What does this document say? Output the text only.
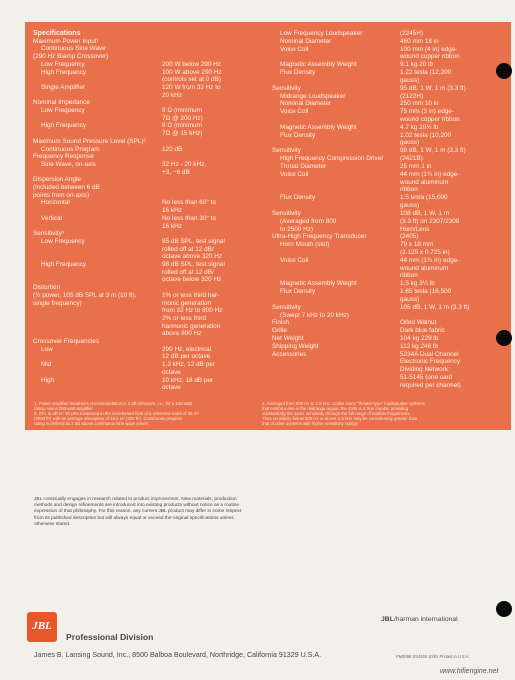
Specifications
Maximum Power Input¹
Continuous Sine Wave
(290 Hz Biamp Crossover)
Low Frequency	200 W below 290 Hz
High Frequency	100 W above 290 Hz
(controls set at 0 dB)
Single Amplifier	120 W from 32 Hz to
20 kHz
Nominal Impedance
Low Frequency	8 Ω (minimum
7Ω @ 200 Hz)
High Frequency	8 Ω (minimum
7Ω @ 15 kHz)
Maximum Sound Pressure Level (SPL)²
Continuous Program	120 dB
Frequency Response
Sine Wave, on-axis	32 Hz - 20 kHz,
+3, −6 dB
Dispersion Angle
(included between 6 dB
points from on-axis)
Horizontal	No less than 60° to
16 kHz
Vertical	No less than 30° to
16 kHz
Sensitivity³
Low Frequency	95 dB SPL, test signal
rolled off at 12 dB/
octave above 320 Hz
High Frequency	98 dB SPL, test signal
rolled off at 12 dB/
octave below 320 Hz
Distortion
(½ power, 105 dB SPL at 3 m (10 ft),	1% or less third har-
single frequency)	monic generation
from 32 Hz to 800 Hz
2% or less third
harmonic generation
above 800 Hz
Crossover Frequencies
Low	290 Hz, electrical
12 dB per octave
Mid	1.3 kHz, 12 dB per
octave
High	10 kHz, 18 dB per
octave
Low Frequency Loudspeaker	(2245H)
Nominal Diameter	460 mm 18 in
Voice Coil	100 mm (4 in) edge-
wound copper ribbon
Magnetic Assembly Weight	9.1 kg 20 lb
Flux Density	1.22 tesla (12,200
gauss)
Sensitivity	95 dB, 1 W, 1 m (3.3 ft)
Midrange Loudspeaker	(2122H)
Nominal Diameter	250 mm 10 in
Voice Coil	75 mm (3 in) edge-
wound copper ribbon
Magnetic Assembly Weight	4.7 kg 10½ lb
Flux Density	1.02 tesla (10,200
gauss)
Sensitivity	98 dB, 1 W, 1 m (3.3 ft)
High Frequency Compression Driver	(2421B)
Throat Diameter	25 mm 1 in
Voice Coil	44 mm (1¾ in) edge-
wound aluminum
ribbon
Flux Density	1.5 tesla (15,000
gauss)
Sensitivity	108 dB, 1 W, 1 m
(Averaged from 800	(3.3 ft) on 2307/2308
to 2500 Hz)	Horn/Lens
Ultra-High Frequency Transducer	(2405)
Horn Mouth (slot)	79 x 18 mm
(3.125 x 0.725 in)
Voice Coil	44 mm (1¾ in) edge-
wound aluminum
ribbon
Magnetic Assembly Weight	1.5 kg 3¼ lb
Flux Density	1.65 tesla (16,500
gauss)
Sensitivity	105 dB, 1 W, 1 m (3.3 ft)
(Swept 7 kHz to 20 kHz)
Finish	Oiled Walnut
Grille	Dark blue fabric
Net Weight	104 kg 229 lb
Shipping Weight	112 kg 246 lb
Accessories	5234A Dual Channel
Electronic Frequency
Dividing Network:
51-5145 (one card
required per channel)
1. Power amplifier headroom recommendation is 3 dB minimum, i.e., for a 100-watt
rating, use a 200-watt amplifier.
2. SPL in dB re: 20 μPa measured in the reverberant field of a reference room of 85 m³
(3000 ft³) with an average absorption of 18.6 m² (200 ft²). Continuous program
rating is defined as 3 dB above continuous sine wave power.
3. Averaged from 500 Hz to 2.5 kHz. Unlike many "theater-type" loudspeaker systems
that exhibit a rise in the midrange region, the 4345 is a true monitor providing
substantially the same sensitivity through the full range of audible frequencies.
Thus sensitivity below 500 Hz or above 2.5 kHz may be considerably greater than
that of other systems with higher sensitivity ratings.
JBL continually engages in research related to product improvement. New materials, production methods and design refinements are introduced into existing products without notice as a routine expression of that philosophy. For this reason, any current JBL product may differ in some respect from its published description but will always equal or exceed the original specifications unless otherwise stated.
JBL
Professional Division
James B. Lansing Sound, Inc., 8500 Balboa Boulevard, Northridge, California 91329 U.S.A.
JBL/harman international
PM0095 SS4345 10/81 Printed in U.S.A.
www.hifiengine.net
